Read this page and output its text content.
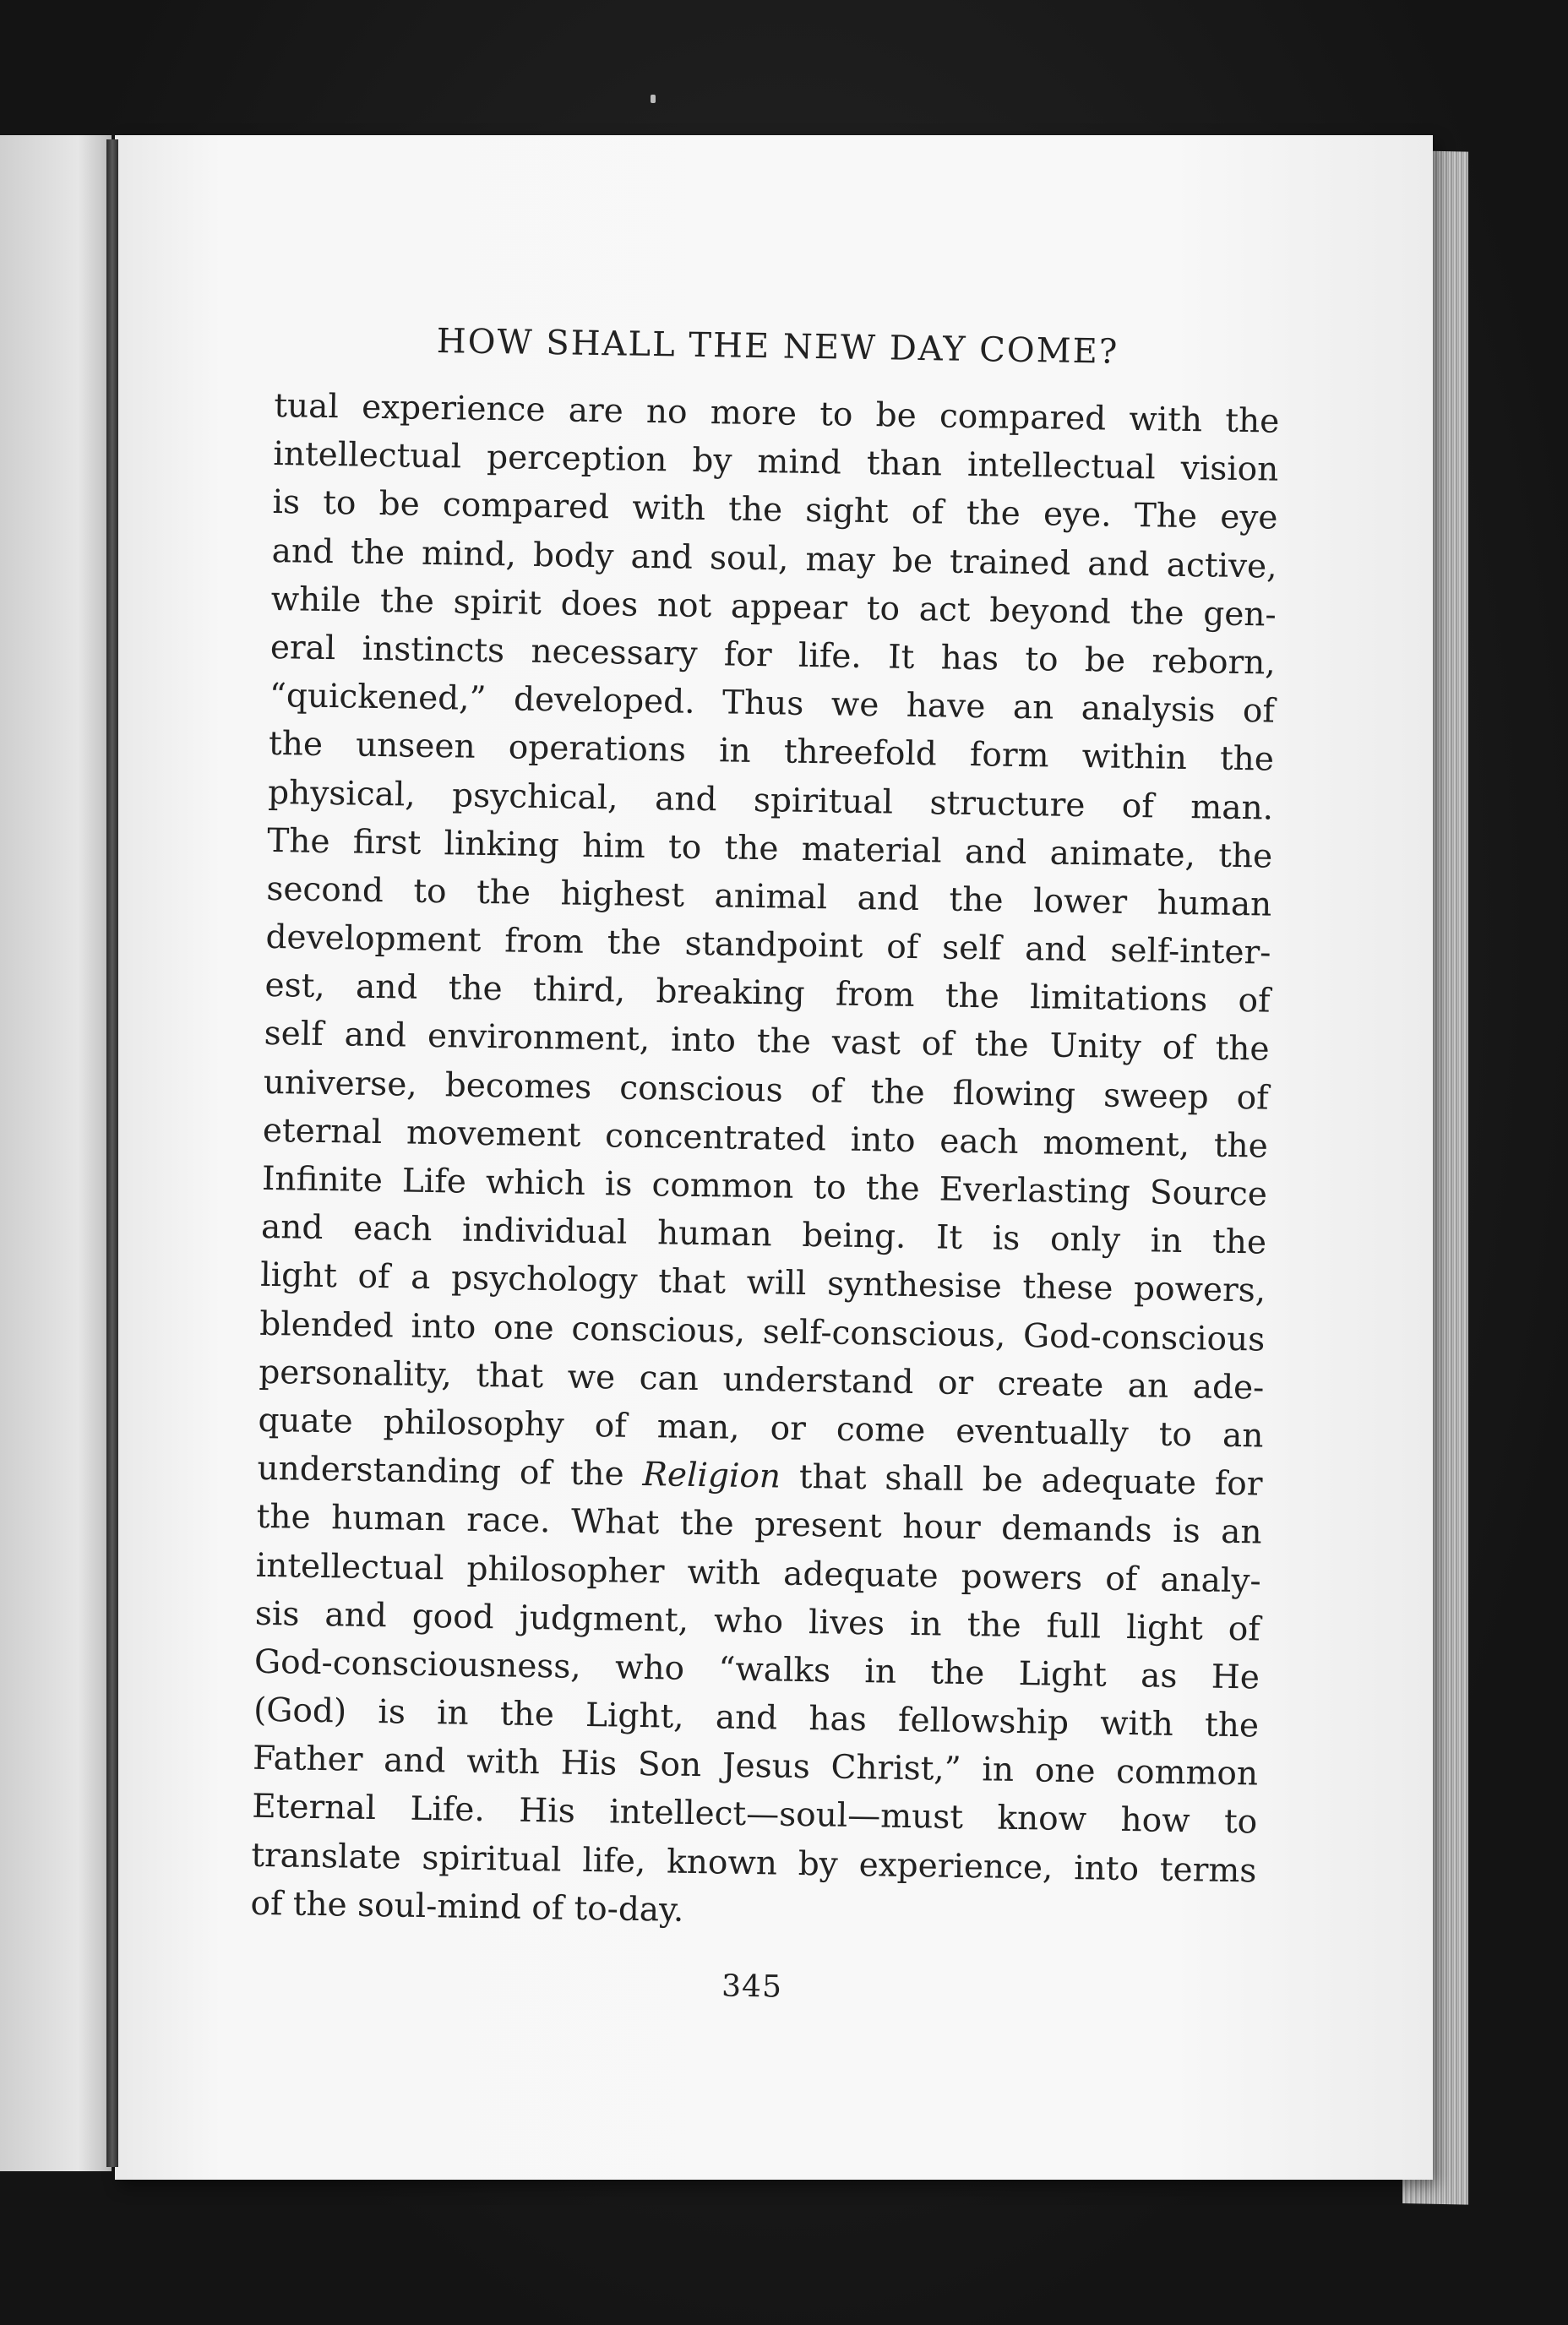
HOW SHALL THE NEW DAY COME?
tual experience are no more to be compared with the
intellectual perception by mind than intellectual vision
is to be compared with the sight of the eye. The eye
and the mind, body and soul, may be trained and active,
while the spirit does not appear to act beyond the gen-
eral instincts necessary for life. It has to be reborn,
“quickened,” developed. Thus we have an analysis of
the unseen operations in threefold form within the
physical, psychical, and spiritual structure of man.
The first linking him to the material and animate, the
second to the highest animal and the lower human
development from the standpoint of self and self-inter-
est, and the third, breaking from the limitations of
self and environment, into the vast of the Unity of the
universe, becomes conscious of the flowing sweep of
eternal movement concentrated into each moment, the
Infinite Life which is common to the Everlasting Source
and each individual human being. It is only in the
light of a psychology that will synthesise these powers,
blended into one conscious, self-conscious, God-conscious
personality, that we can understand or create an ade-
quate philosophy of man, or come eventually to an
understanding of the Religion that shall be adequate for
the human race. What the present hour demands is an
intellectual philosopher with adequate powers of analy-
sis and good judgment, who lives in the full light of
God-consciousness, who “walks in the Light as He
(God) is in the Light, and has fellowship with the
Father and with His Son Jesus Christ,” in one common
Eternal Life. His intellect—soul—must know how to
translate spiritual life, known by experience, into terms
of the soul-mind of to-day.
345
